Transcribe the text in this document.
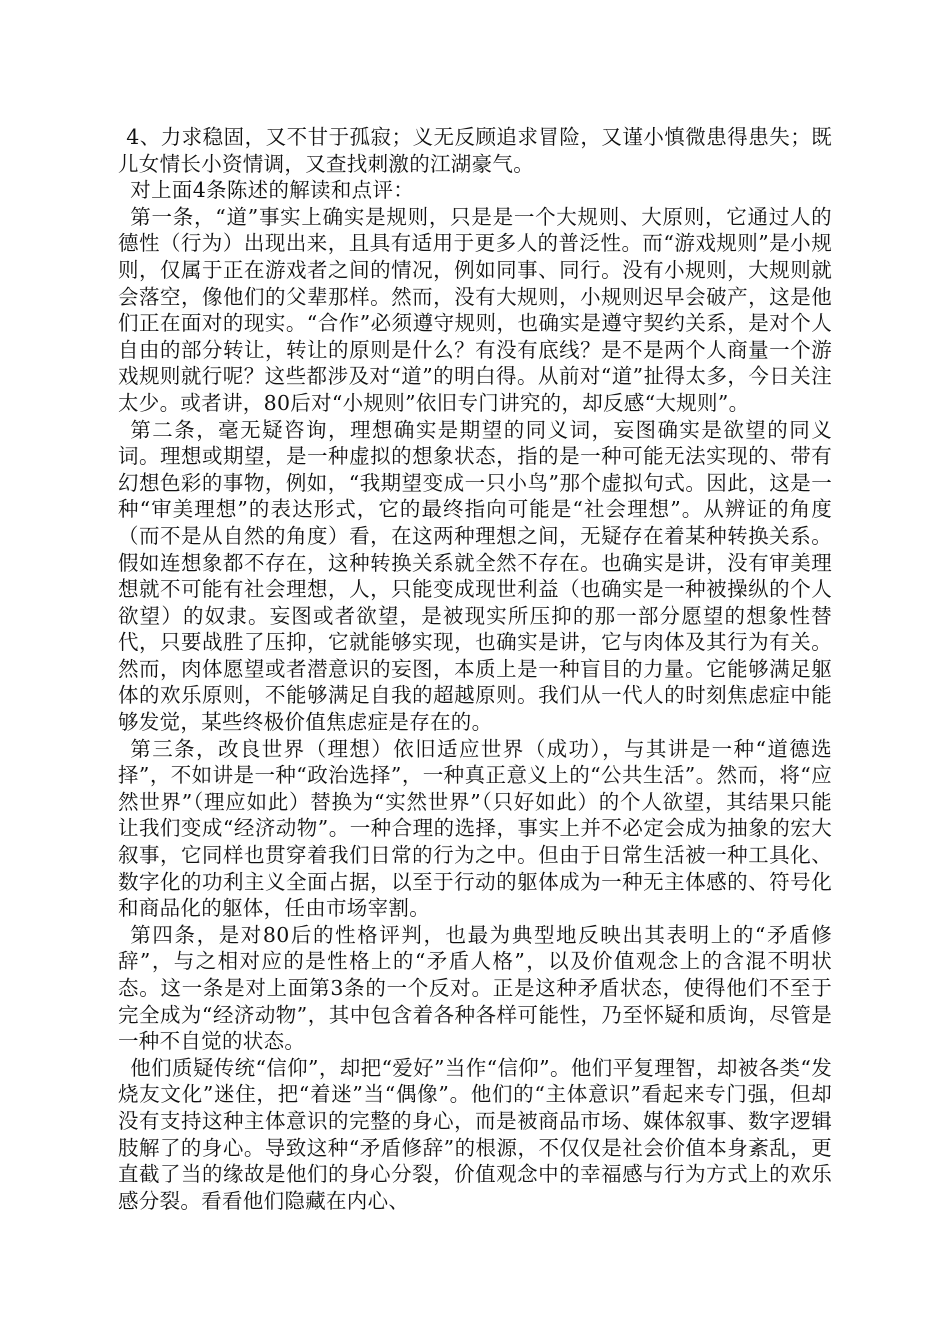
4、力求稳固，又不甘于孤寂；义无反顾追求冒险，又谨小慎微患得患失；既儿女情长小资情调，又查找刺激的江湖豪气。

对上面4条陈述的解读和点评：

第一条，“道”事实上确实是规则，只是是一个大规则、大原则，它通过人的德性（行为）出现出来，且具有适用于更多人的普泛性。而“游戏规则”是小规则，仅属于正在游戏者之间的情况，例如同事、同行。没有小规则，大规则就会落空，像他们的父辈那样。然而，没有大规则，小规则迟早会破产，这是他们正在面对的现实。“合作”必须遵守规则，也确实是遵守契约关系，是对个人自由的部分转让，转让的原则是什么？有没有底线？是不是两个人商量一个游戏规则就行呢？这些都涉及对“道”的明白得。从前对“道”扯得太多，今日关注太少。或者讲，80后对“小规则”依旧专门讲究的，却反感“大规则”。

第二条，毫无疑咨询，理想确实是期望的同义词，妄图确实是欲望的同义词。理想或期望，是一种虚拟的想象状态，指的是一种可能无法实现的、带有幻想色彩的事物，例如，“我期望变成一只小鸟”那个虚拟句式。因此，这是一种“审美理想”的表达形式，它的最终指向可能是“社会理想”。从辨证的角度（而不是从自然的角度）看，在这两种理想之间，无疑存在着某种转换关系。假如连想象都不存在，这种转换关系就全然不存在。也确实是讲，没有审美理想就不可能有社会理想，人，只能变成现世利益（也确实是一种被操纵的个人欲望）的奴隶。妄图或者欲望，是被现实所压抑的那一部分愿望的想象性替代，只要战胜了压抑，它就能够实现，也确实是讲，它与肉体及其行为有关。然而，肉体愿望或者潜意识的妄图，本质上是一种盲目的力量。它能够满足躯体的欢乐原则，不能够满足自我的超越原则。我们从一代人的时刻焦虑症中能够发觉，某些终极价值焦虑症是存在的。

第三条，改良世界（理想）依旧适应世界（成功），与其讲是一种“道德选择”，不如讲是一种“政治选择”，一种真正意义上的“公共生活”。然而，将“应然世界”（理应如此）替换为“实然世界”（只好如此）的个人欲望，其结果只能让我们变成“经济动物”。一种合理的选择，事实上并不必定会成为抽象的宏大叙事，它同样也贯穿着我们日常的行为之中。但由于日常生活被一种工具化、数字化的功利主义全面占据，以至于行动的躯体成为一种无主体感的、符号化和商品化的躯体，任由市场宰割。

第四条，是对80后的性格评判，也最为典型地反映出其表明上的“矛盾修辞”，与之相对应的是性格上的“矛盾人格”，以及价值观念上的含混不明状态。这一条是对上面第3条的一个反对。正是这种矛盾状态，使得他们不至于完全成为“经济动物”，其中包含着各种各样可能性，乃至怀疑和质询，尽管是一种不自觉的状态。

他们质疑传统“信仰”，却把“爱好”当作“信仰”。他们平复理智，却被各类“发烧友文化”迷住，把“着迷”当“偶像”。他们的“主体意识”看起来专门强，但却没有支持这种主体意识的完整的身心，而是被商品市场、媒体叙事、数字逻辑肢解了的身心。导致这种“矛盾修辞”的根源，不仅仅是社会价值本身紊乱，更直截了当的缘故是他们的身心分裂，价值观念中的幸福感与行为方式上的欢乐感分裂。看看他们隐藏在内心、
